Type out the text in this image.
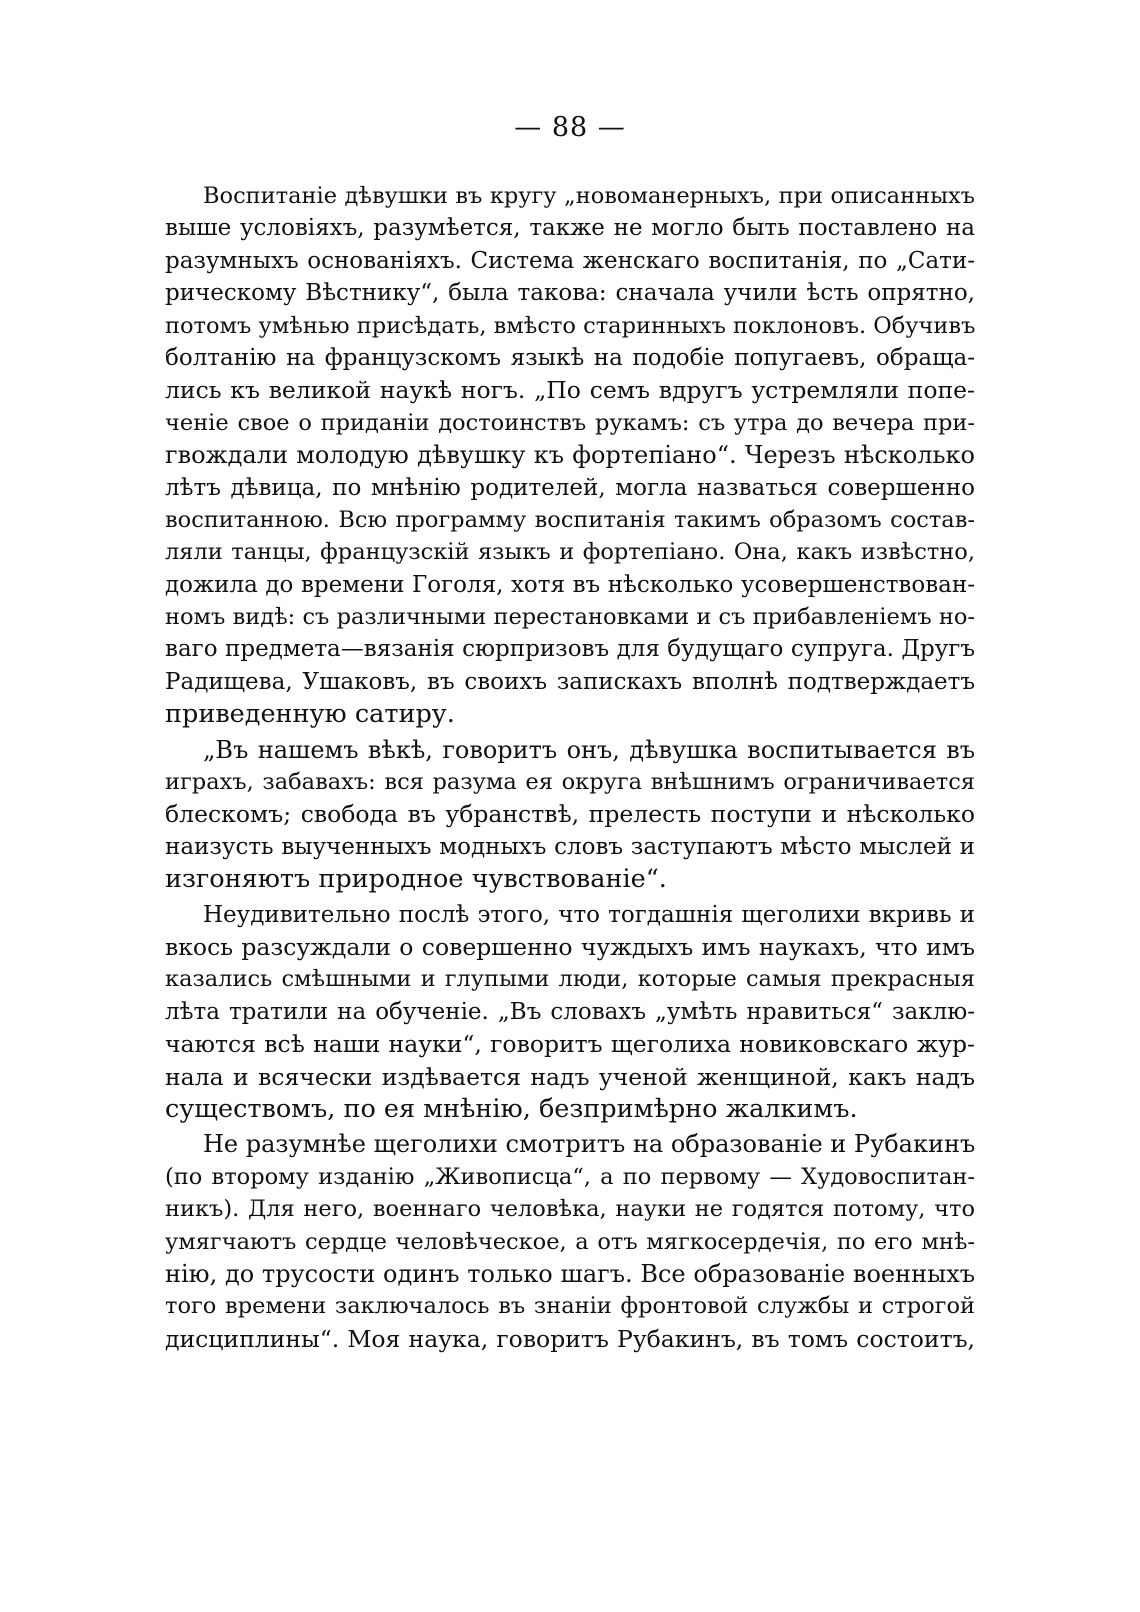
— 88 —
Воспитаніе дѣвушки въ кругу „новоманерныхъ, при описанныхъ
выше условіяхъ, разумѣется, также не могло быть поставлено на
разумныхъ основаніяхъ. Система женскаго воспитанія, по „Сати-
рическому Вѣстнику“, была такова: сначала учили ѣсть опрятно,
потомъ умѣнью присѣдать, вмѣсто старинныхъ поклоновъ. Обучивъ
болтанію на французскомъ языкѣ на подобіе попугаевъ, обраща-
лись къ великой наукѣ ногъ. „По семъ вдругъ устремляли попе-
ченіе свое о приданіи достоинствъ рукамъ: съ утра до вечера при-
гвождали молодую дѣвушку къ фортепіано“. Черезъ нѣсколько
лѣтъ дѣвица, по мнѣнію родителей, могла назваться совершенно
воспитанною. Всю программу воспитанія такимъ образомъ состав-
ляли танцы, французскій языкъ и фортепіано. Она, какъ извѣстно,
дожила до времени Гоголя, хотя въ нѣсколько усовершенствован-
номъ видѣ: съ различными перестановками и съ прибавленіемъ но-
ваго предмета—вязанія сюрпризовъ для будущаго супруга. Другъ
Радищева, Ушаковъ, въ своихъ запискахъ вполнѣ подтверждаетъ
приведенную сатиру.
„Въ нашемъ вѣкѣ, говоритъ онъ, дѣвушка воспитывается въ
играхъ, забавахъ: вся разума ея округа внѣшнимъ ограничивается
блескомъ; свобода въ убранствѣ, прелесть поступи и нѣсколько
наизусть выученныхъ модныхъ словъ заступаютъ мѣсто мыслей и
изгоняютъ природное чувствованіе“.
Неудивительно послѣ этого, что тогдашнія щеголихи вкривь и
вкось разсуждали о совершенно чуждыхъ имъ наукахъ, что имъ
казались смѣшными и глупыми люди, которые самыя прекрасныя
лѣта тратили на обученіе. „Въ словахъ „умѣть нравиться“ заклю-
чаются всѣ наши науки“, говоритъ щеголиха новиковскаго жур-
нала и всячески издѣвается надъ ученой женщиной, какъ надъ
существомъ, по ея мнѣнію, безпримѣрно жалкимъ.
Не разумнѣе щеголихи смотритъ на образованіе и Рубакинъ
(по второму изданію „Живописца“, а по первому — Худовоспитан-
никъ). Для него, военнаго человѣка, науки не годятся потому, что
умягчаютъ сердце человѣческое, а отъ мягкосердечія, по его мнѣ-
нію, до трусости одинъ только шагъ. Все образованіе военныхъ
того времени заключалось въ знаніи фронтовой службы и строгой
дисциплины“. Моя наука, говоритъ Рубакинъ, въ томъ состоитъ,
